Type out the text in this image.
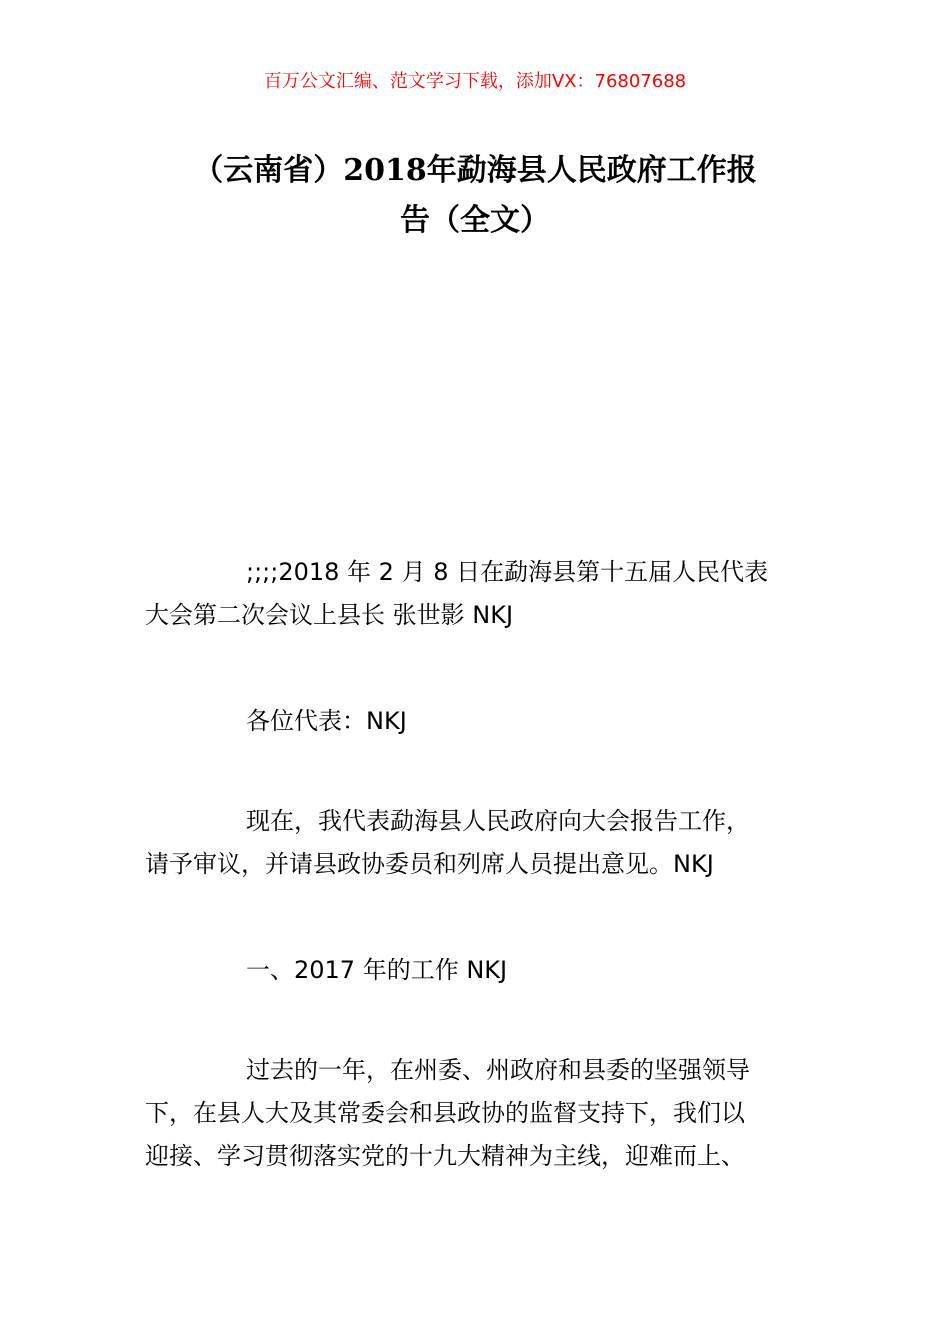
百万公文汇编、范文学习下载，添加VX：76807688
（云南省）2018年勐海县人民政府工作报
告（全文）

;;;;2018 年 2 月 8 日在勐海县第十五届人民代表
大会第二次会议上县长 张世影 NKJ

各位代表：NKJ

现在，我代表勐海县人民政府向大会报告工作，
请予审议，并请县政协委员和列席人员提出意见。NKJ

一、2017 年的工作 NKJ

过去的一年，在州委、州政府和县委的坚强领导
下，在县人大及其常委会和县政协的监督支持下，我们以
迎接、学习贯彻落实党的十九大精神为主线，迎难而上、
